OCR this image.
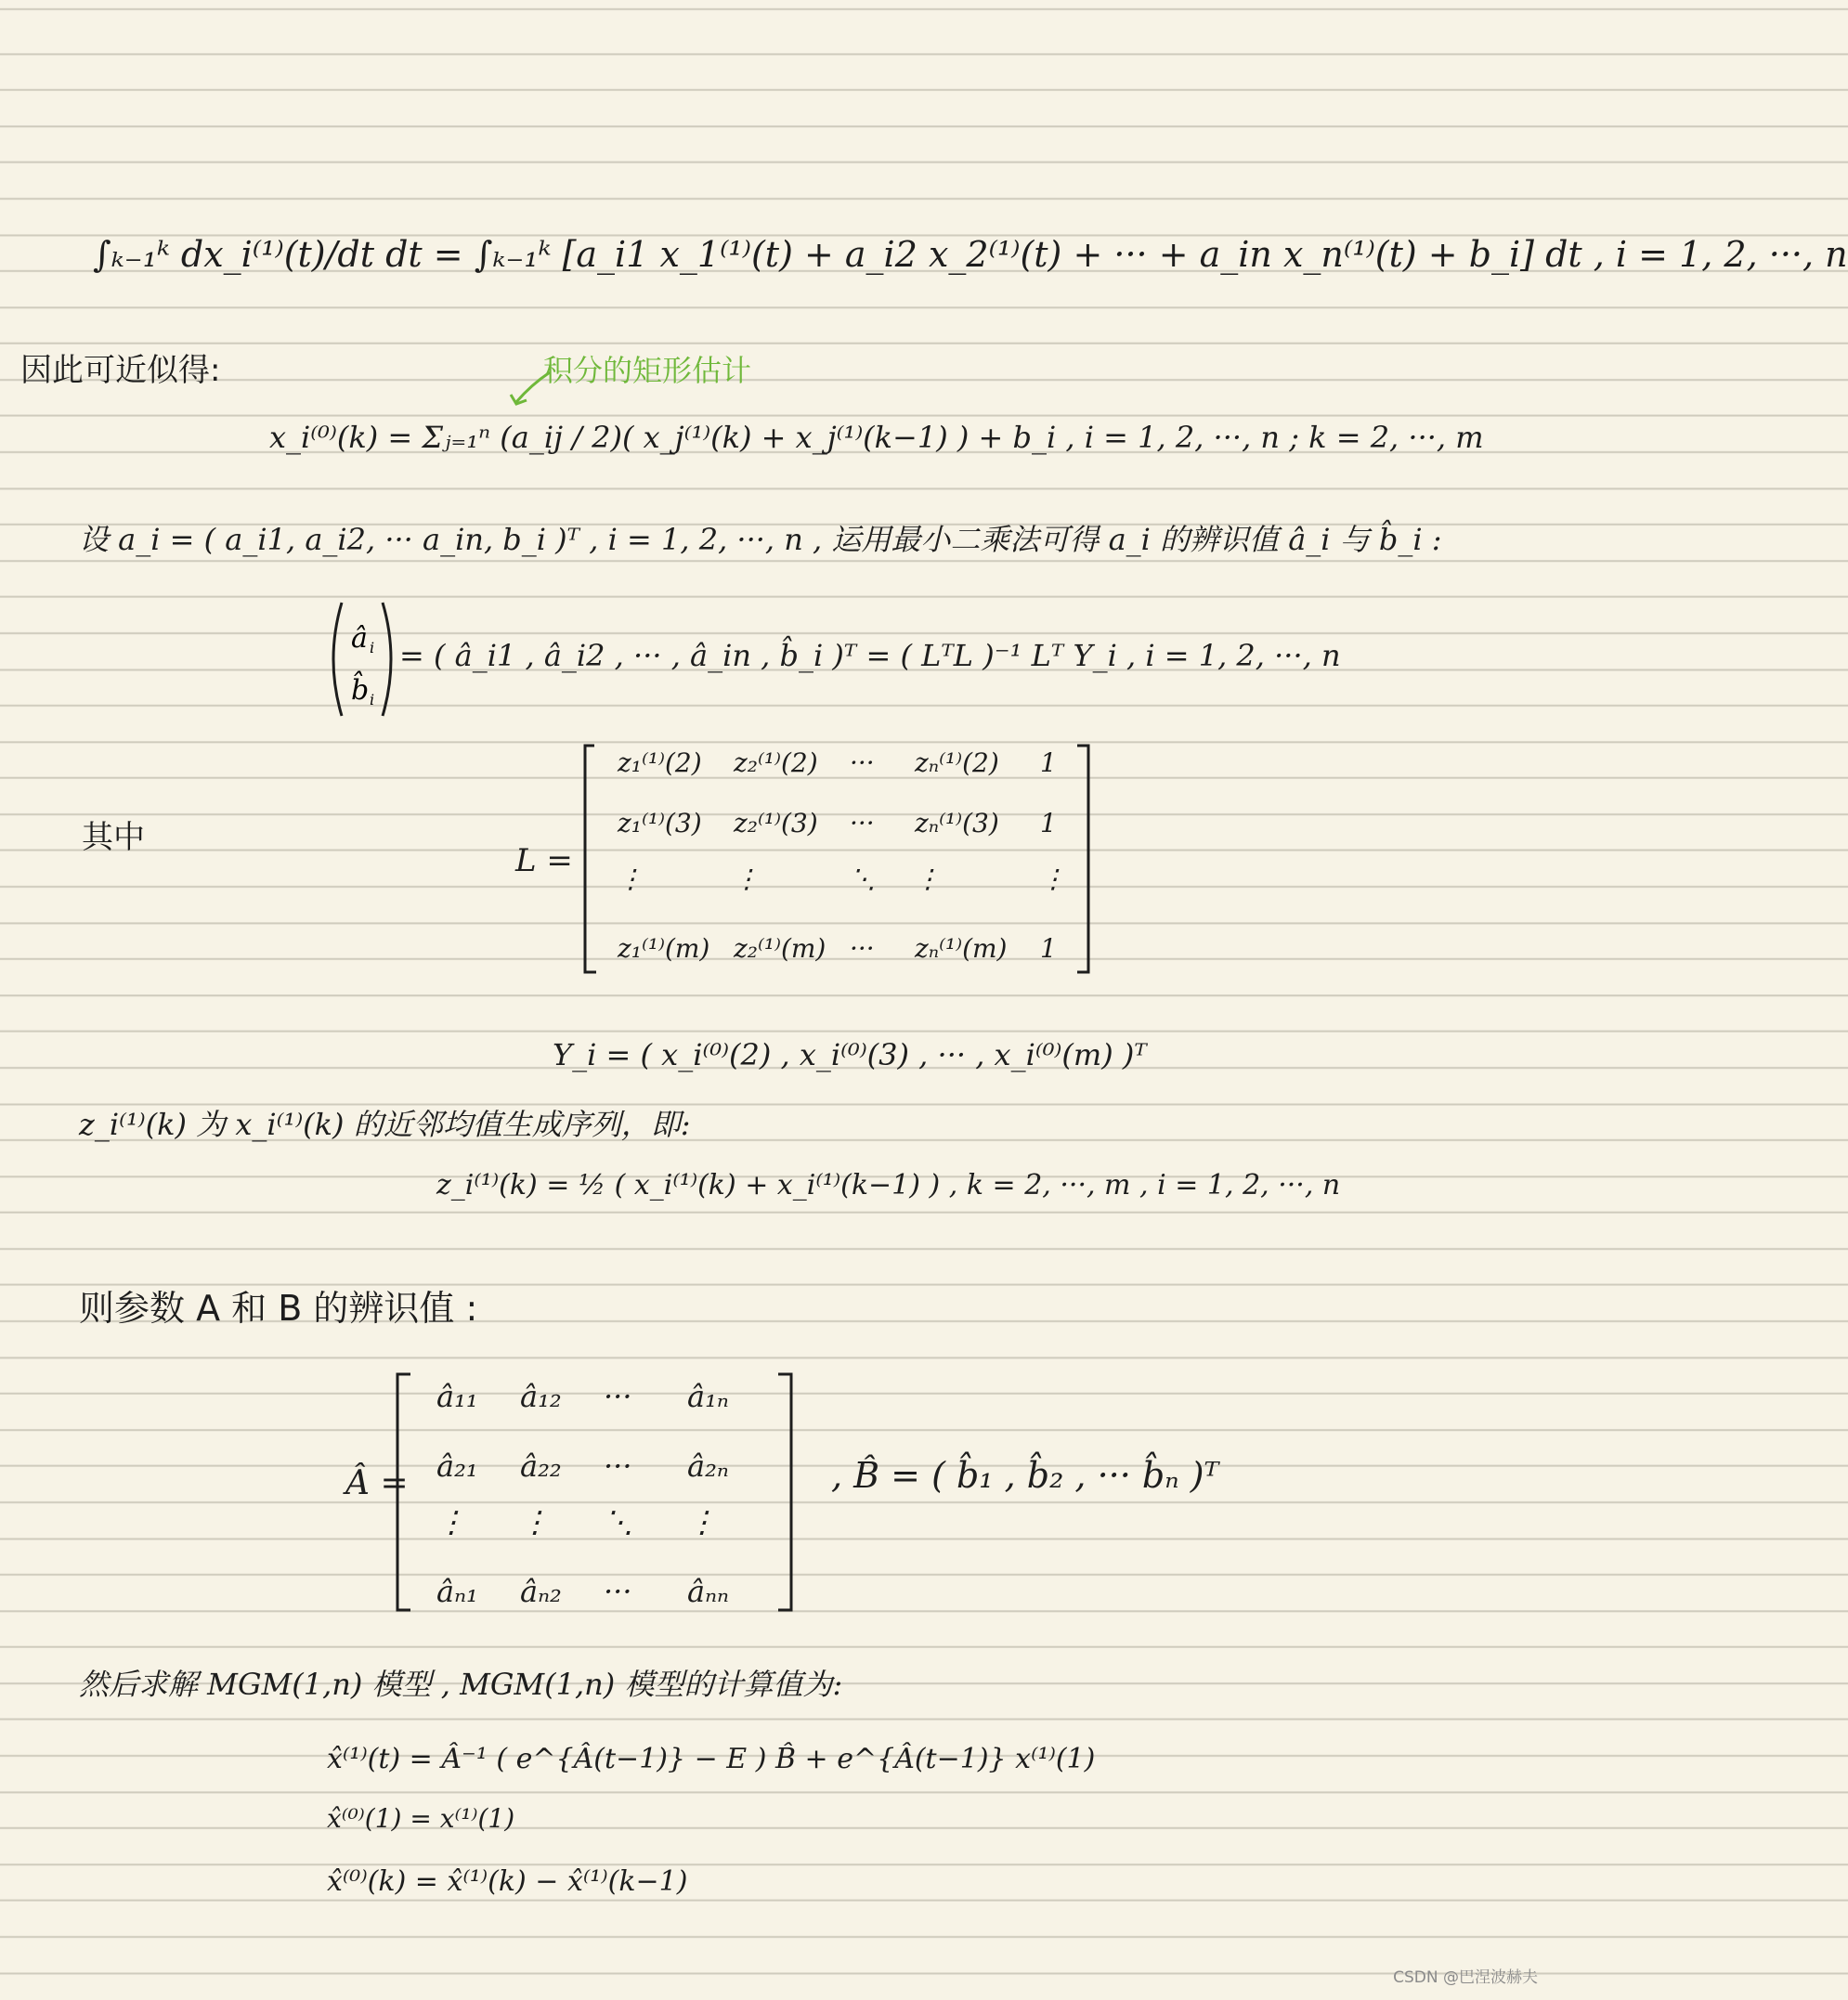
∫ₖ₋₁ᵏ dx_i⁽¹⁾(t)/dt dt = ∫ₖ₋₁ᵏ [a_i1 x_1⁽¹⁾(t) + a_i2 x_2⁽¹⁾(t) + ··· + a_in x_n⁽¹⁾(t) + b_i] dt , i = 1, 2, ···, n
因此可近似得:	积分的矩形估计
x_i⁽⁰⁾(k) = Σⱼ₌₁ⁿ (a_ij / 2)( x_j⁽¹⁾(k) + x_j⁽¹⁾(k−1) ) + b_i , i = 1, 2, ···, n ; k = 2, ···, m
设 a_i = ( a_i1, a_i2, ··· a_in, b_i )ᵀ , i = 1, 2, ···, n , 运用最小二乘法可得 a_i 的辨识值 â_i 与 b̂_i :
â i
b̂ i
= ( â_i1 , â_i2 , ··· , â_in , b̂_i )ᵀ = ( LᵀL )⁻¹ Lᵀ Y_i , i = 1, 2, ···, n
其中
L =
z₁⁽¹⁾(2) z₂⁽¹⁾(2) ··· zₙ⁽¹⁾(2) 1
z₁⁽¹⁾(3) z₂⁽¹⁾(3) ··· zₙ⁽¹⁾(3) 1
⋮	⋮	⋱ ⋮	⋮
z₁⁽¹⁾(m) z₂⁽¹⁾(m) ··· zₙ⁽¹⁾(m) 1
Y_i = ( x_i⁽⁰⁾(2) , x_i⁽⁰⁾(3) , ··· , x_i⁽⁰⁾(m) )ᵀ
z_i⁽¹⁾(k) 为 x_i⁽¹⁾(k) 的近邻均值生成序列，即:
z_i⁽¹⁾(k) = ½ ( x_i⁽¹⁾(k) + x_i⁽¹⁾(k−1) ) , k = 2, ···, m , i = 1, 2, ···, n
则参数 A 和 B 的辨识值 :
Â =
â₁₁ â₁₂ ··· â₁ₙ
â₂₁ â₂₂ ··· â₂ₙ
⋮ ⋮ ⋱ ⋮
âₙ₁ âₙ₂ ··· âₙₙ
, B̂ = ( b̂₁ , b̂₂ , ··· b̂ₙ )ᵀ
然后求解 MGM(1,n) 模型 , MGM(1,n) 模型的计算值为:
x̂⁽¹⁾(t) = Â⁻¹ ( e^{Â(t−1)} − E ) B̂ + e^{Â(t−1)} x⁽¹⁾(1)
x̂⁽⁰⁾(1) = x⁽¹⁾(1)
x̂⁽⁰⁾(k) = x̂⁽¹⁾(k) − x̂⁽¹⁾(k−1)
CSDN @巴涅波赫夫
